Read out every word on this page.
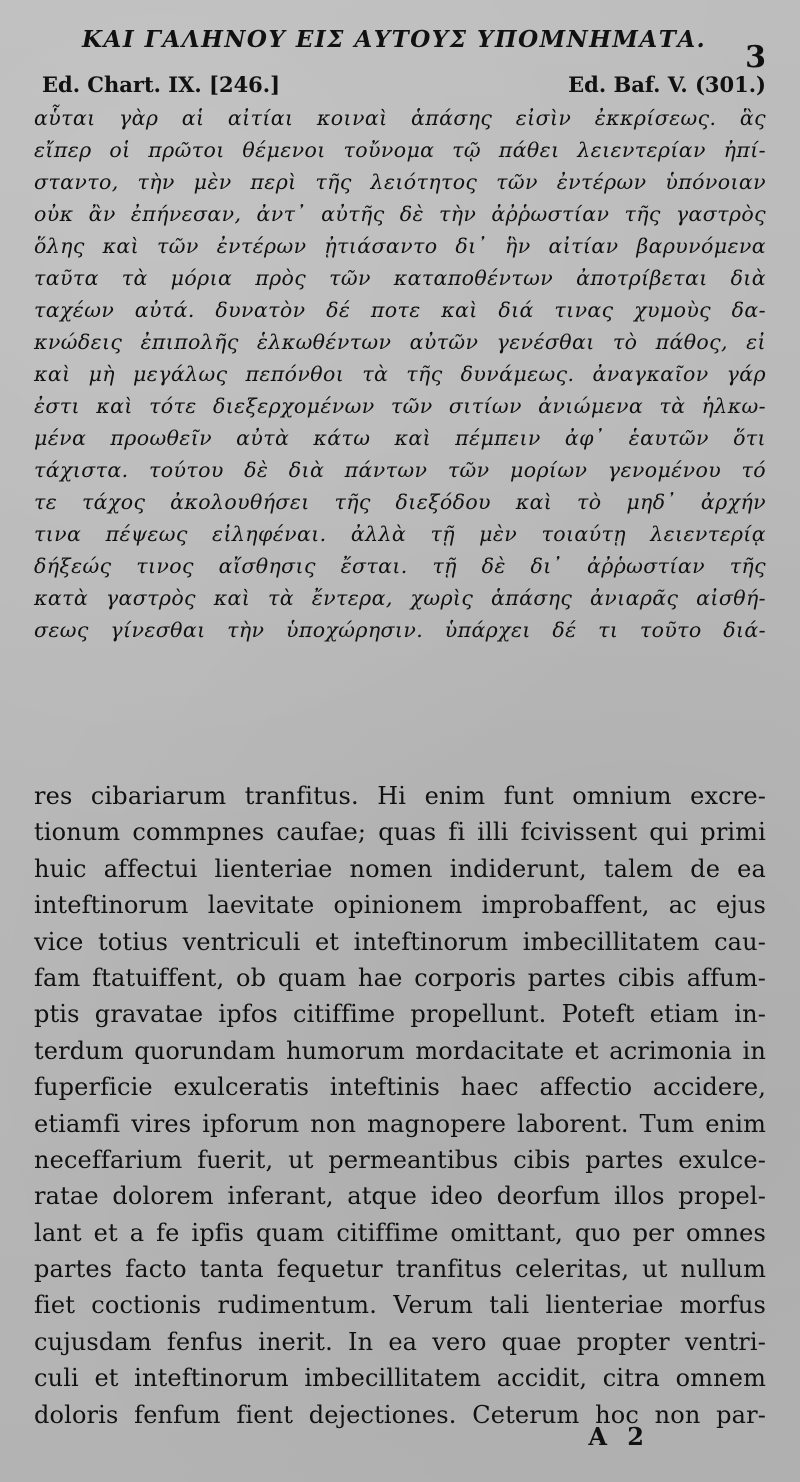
ΚΑΙ ΓΑΛΗΝΟΥ ΕΙΣ ΑΥΤΟΥΣ ΥΠΟΜΝΗΜΑΤΑ.
3
Ed. Chart. IX. [246.]	Ed. Baf. V. (301.)
αὗται γὰρ αἱ αἰτίαι κοιναὶ ἁπάσης εἰσὶν ἐκκρίσεως. ἃς
εἴπερ οἱ πρῶτοι θέμενοι τοὔνομα τῷ πάθει λειεντερίαν ἠπί-
σταντο, τὴν μὲν περὶ τῆς λειότητος τῶν ἐντέρων ὑπόνοιαν
οὐκ ἂν ἐπήνεσαν, ἀντ᾽ αὐτῆς δὲ τὴν ἀῤῥωστίαν τῆς γαστρὸς
ὅλης καὶ τῶν ἐντέρων ᾐτιάσαντο δι᾽ ἣν αἰτίαν βαρυνόμενα
ταῦτα τὰ μόρια πρὸς τῶν καταποθέντων ἀποτρίβεται διὰ
ταχέων αὐτά. δυνατὸν δέ ποτε καὶ διά τινας χυμοὺς δα-
κνώδεις ἐπιπολῆς ἑλκωθέντων αὐτῶν γενέσθαι τὸ πάθος, εἰ
καὶ μὴ μεγάλως πεπόνθοι τὰ τῆς δυνάμεως. ἀναγκαῖον γάρ
ἐστι καὶ τότε διεξερχομένων τῶν σιτίων ἀνιώμενα τὰ ἡλκω-
μένα προωθεῖν αὐτὰ κάτω καὶ πέμπειν ἀφ᾽ ἑαυτῶν ὅτι
τάχιστα. τούτου δὲ διὰ πάντων τῶν μορίων γενομένου τό
τε τάχος ἀκολουθήσει τῆς διεξόδου καὶ τὸ μηδ᾽ ἀρχήν
τινα πέψεως εἰληφέναι. ἀλλὰ τῇ μὲν τοιαύτῃ λειεντερίᾳ
δήξεώς τινος αἴσθησις ἔσται. τῇ δὲ δι᾽ ἀῤῥωστίαν τῆς
κατὰ γαστρὸς καὶ τὰ ἔντερα, χωρὶς ἁπάσης ἀνιαρᾶς αἰσθή-
σεως γίνεσθαι τὴν ὑποχώρησιν. ὑπάρχει δέ τι τοῦτο διά-
res cibariarum tranfitus. Hi enim funt omnium excre-
tionum commpnes caufae; quas fi illi fcivissent qui primi
huic affectui lienteriae nomen indiderunt, talem de ea
inteftinorum laevitate opinionem improbaffent, ac ejus
vice totius ventriculi et inteftinorum imbecillitatem cau-
fam ftatuiffent, ob quam hae corporis partes cibis affum-
ptis gravatae ipfos citiffime propellunt. Poteft etiam in-
terdum quorundam humorum mordacitate et acrimonia in
fuperficie exulceratis inteftinis haec affectio accidere,
etiamfi vires ipforum non magnopere laborent. Tum enim
neceffarium fuerit, ut permeantibus cibis partes exulce-
ratae dolorem inferant, atque ideo deorfum illos propel-
lant et a fe ipfis quam citiffime omittant, quo per omnes
partes facto tanta fequetur tranfitus celeritas, ut nullum
fiet coctionis rudimentum. Verum tali lienteriae morfus
cujusdam fenfus inerit. In ea vero quae propter ventri-
culi et inteftinorum imbecillitatem accidit, citra omnem
doloris fenfum fient dejectiones. Ceterum hoc non par-
A 2
